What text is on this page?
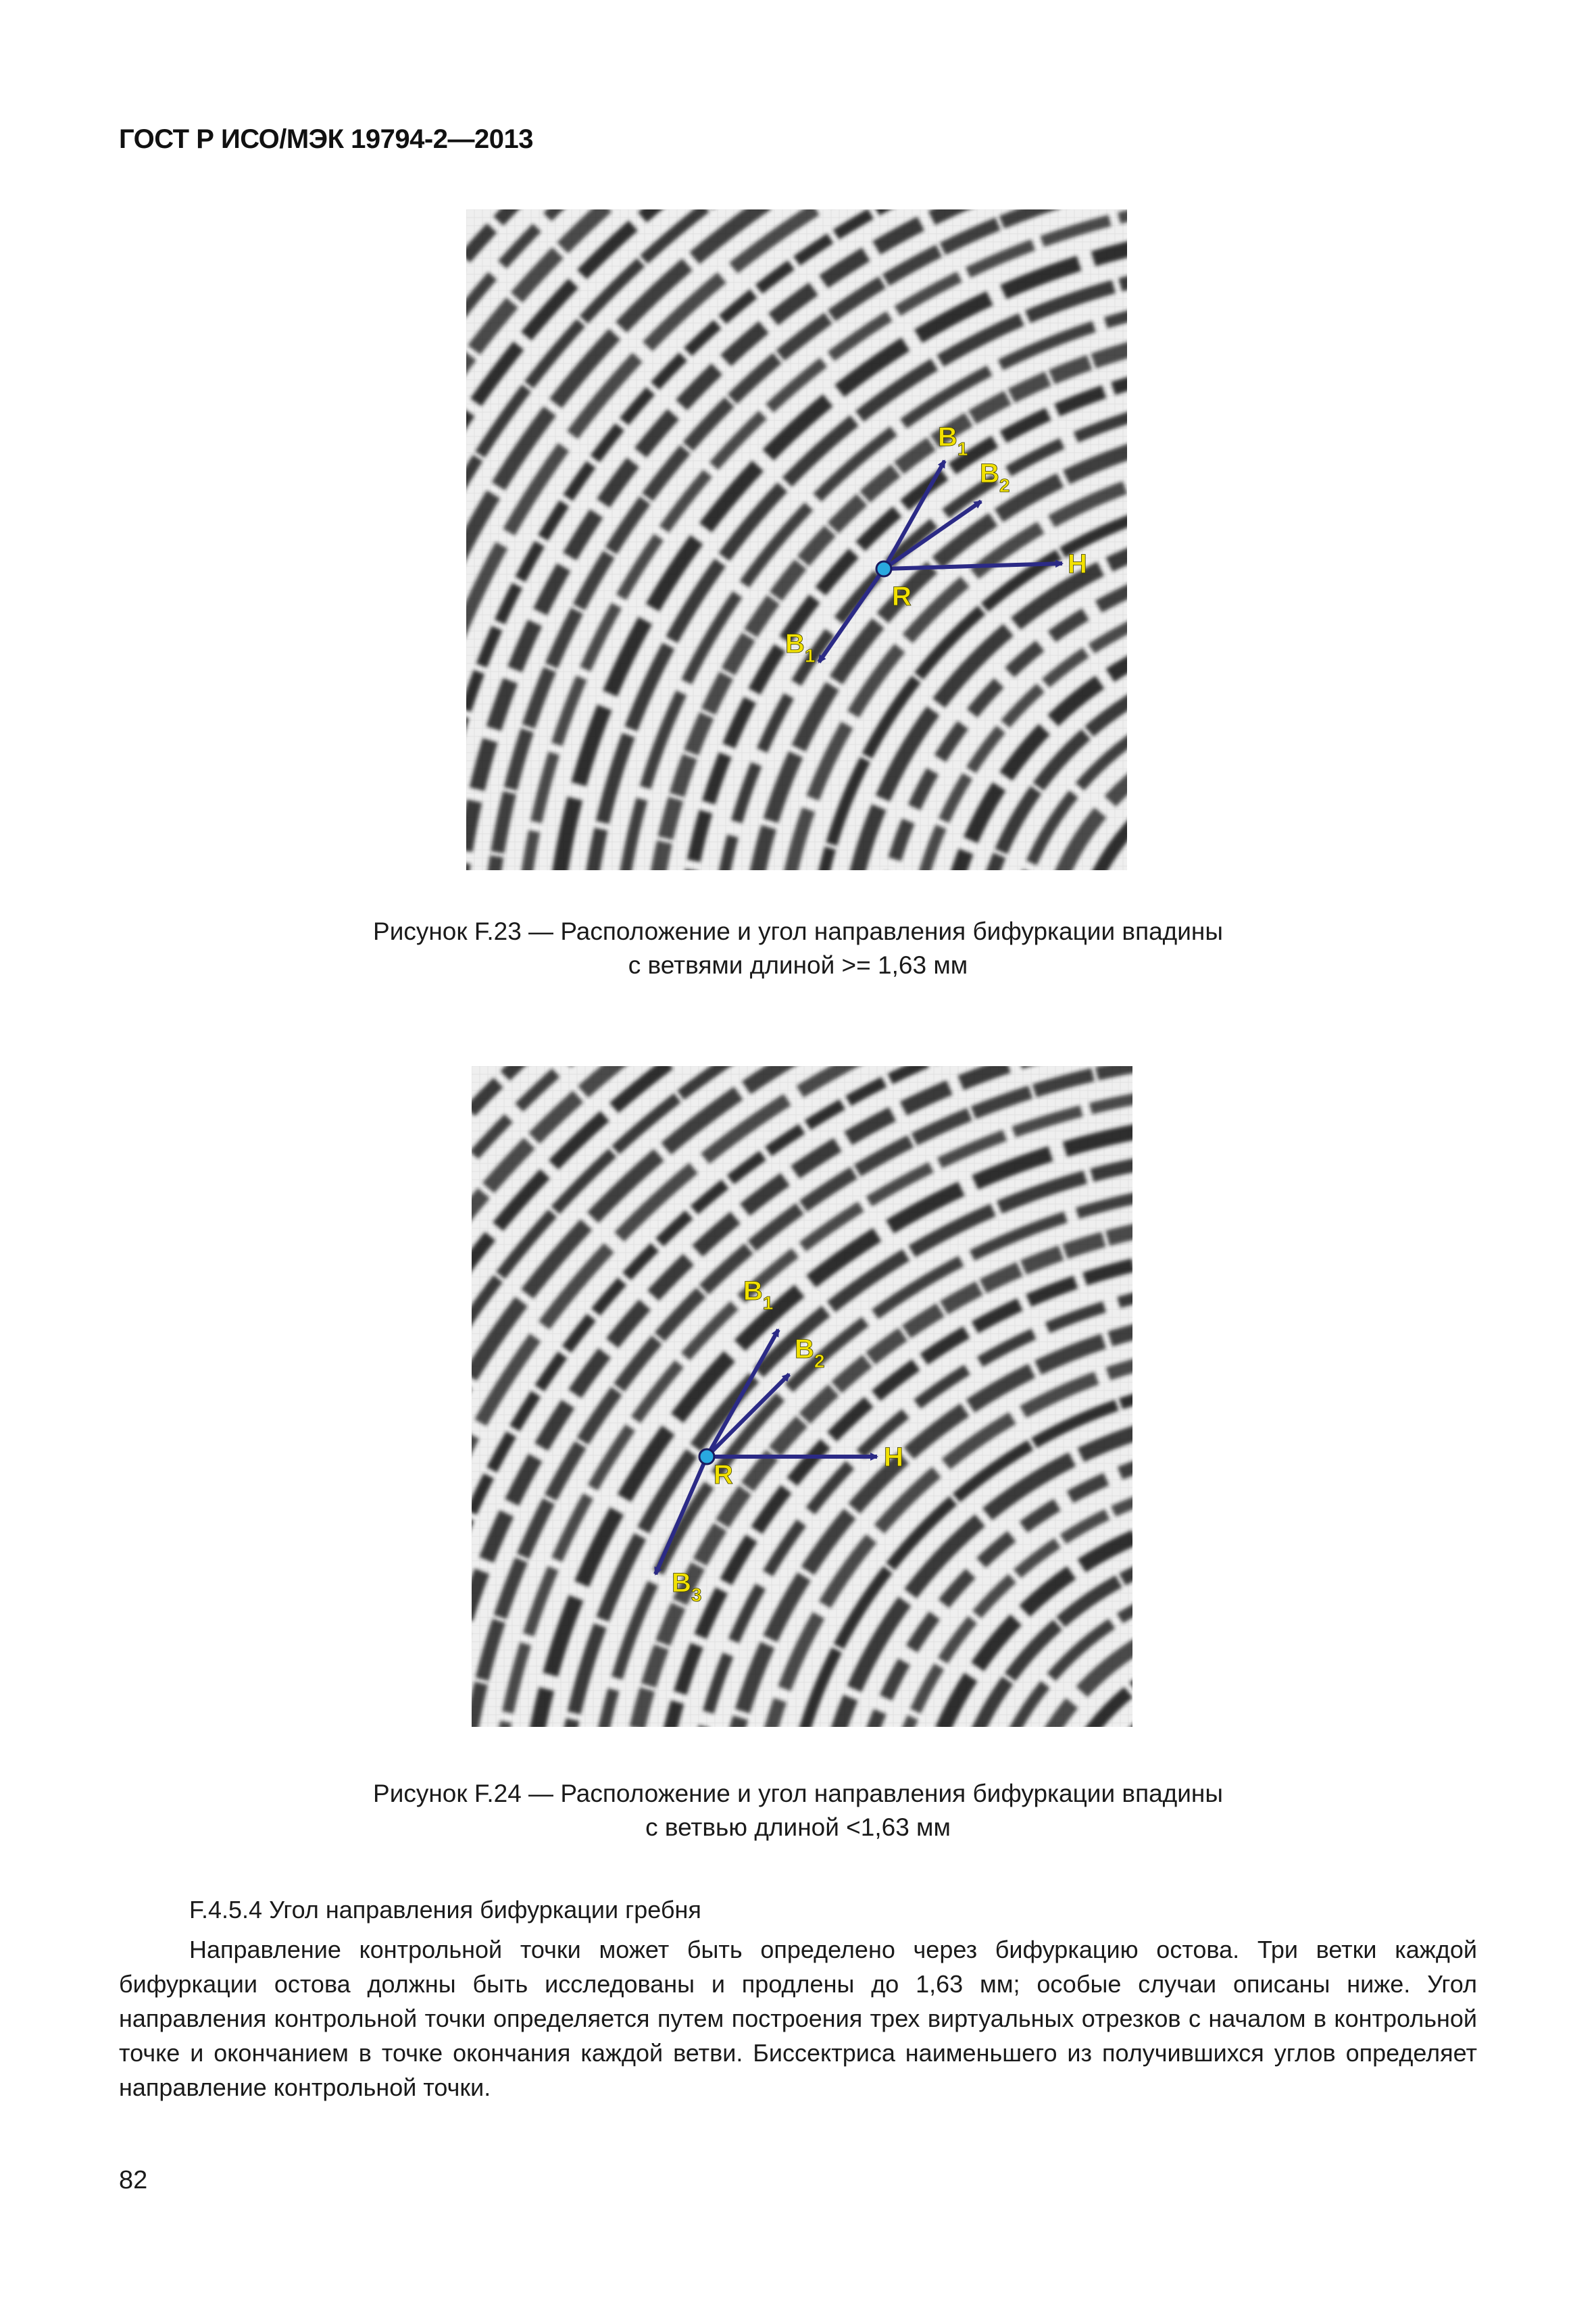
ГОСТ Р ИСО/МЭК 19794-2—2013
$B_1$
$B_2$
H
R
$B_1$
Рисунок F.23 — Расположение и угол направления бифуркации впадины
с ветвями длиной >= 1,63 мм
$B_1$
$B_2$
H
R
$B_3$
Рисунок F.24 — Расположение и угол направления бифуркации впадины
с ветвью длиной <1,63 мм
F.4.5.4 Угол направления бифуркации гребня
Направление контрольной точки может быть определено через бифуркацию остова. Три ветки каждой бифуркации остова должны быть исследованы и продлены до 1,63 мм; особые случаи описаны ниже. Угол направления контрольной точки определяется путем построения трех виртуальных отрезков с началом в контрольной точке и окончанием в точке окончания каждой ветви. Биссектриса наименьшего из получившихся углов определяет направление контрольной точки.
82
